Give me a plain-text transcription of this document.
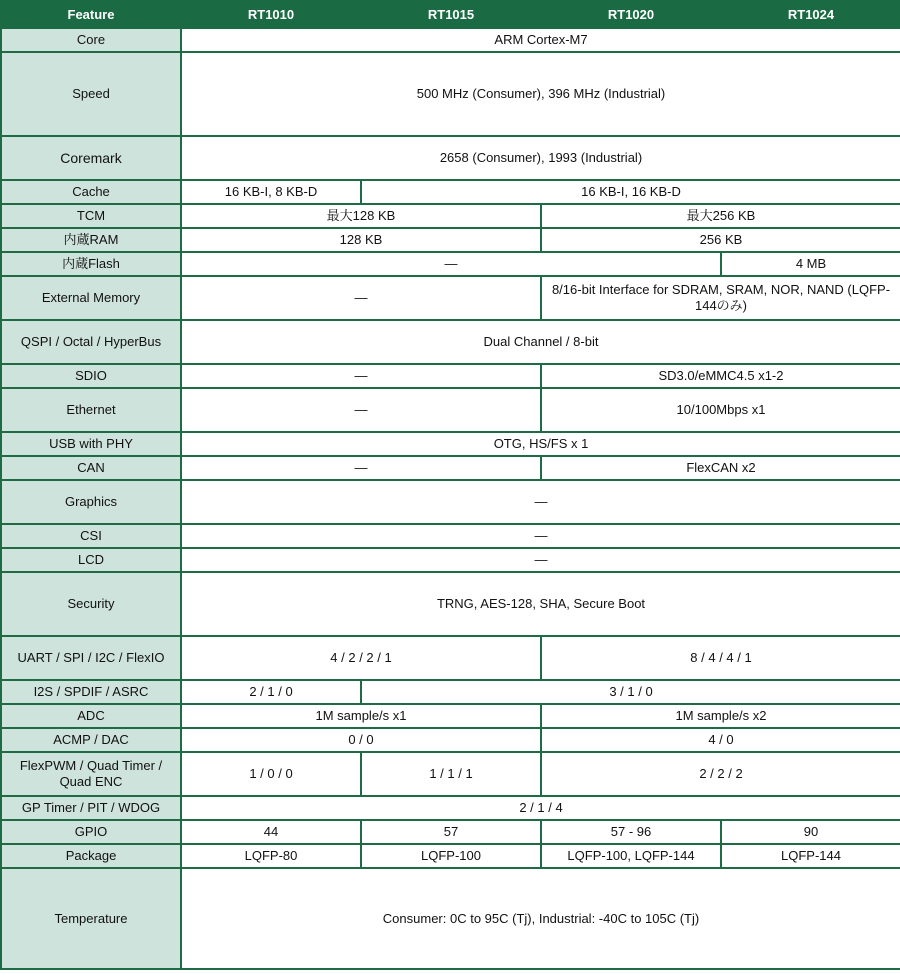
Feature	RT1010	RT1015	RT1020	RT1024
Core	ARM Cortex-M7			
Speed	500 MHz (Consumer), 396 MHz (Industrial)			
Coremark	2658 (Consumer), 1993 (Industrial)			
Cache	16 KB-I, 8 KB-D	16 KB-I, 16 KB-D		
TCM	最大128 KB		最大256 KB	
内蔵RAM	128 KB		256 KB	
内蔵Flash	—			4 MB
External Memory	—		8/16-bit Interface for SDRAM, SRAM, NOR, NAND (LQFP-144のみ)	
QSPI / Octal / HyperBus	Dual Channel / 8-bit			
SDIO	—		SD3.0/eMMC4.5 x1-2	
Ethernet	—		10/100Mbps x1	
USB with PHY	OTG, HS/FS x 1			
CAN	—		FlexCAN x2	
Graphics	—			
CSI	—			
LCD	—			
Security	TRNG, AES-128, SHA, Secure Boot			
UART / SPI / I2C / FlexIO	4 / 2 / 2 / 1		8 / 4 / 4 / 1	
I2S / SPDIF / ASRC	2 / 1 / 0	3 / 1 / 0		
ADC	1M sample/s x1		1M sample/s x2	
ACMP / DAC	0 / 0		4 / 0	
FlexPWM / Quad Timer / Quad ENC	1 / 0 / 0	1 / 1 / 1	2 / 2 / 2	
GP Timer / PIT / WDOG	2 / 1 / 4			
GPIO	44	57	57 - 96	90
Package	LQFP-80	LQFP-100	LQFP-100, LQFP-144	LQFP-144
Temperature	Consumer: 0C to 95C (Tj), Industrial: -40C to 105C (Tj)			
